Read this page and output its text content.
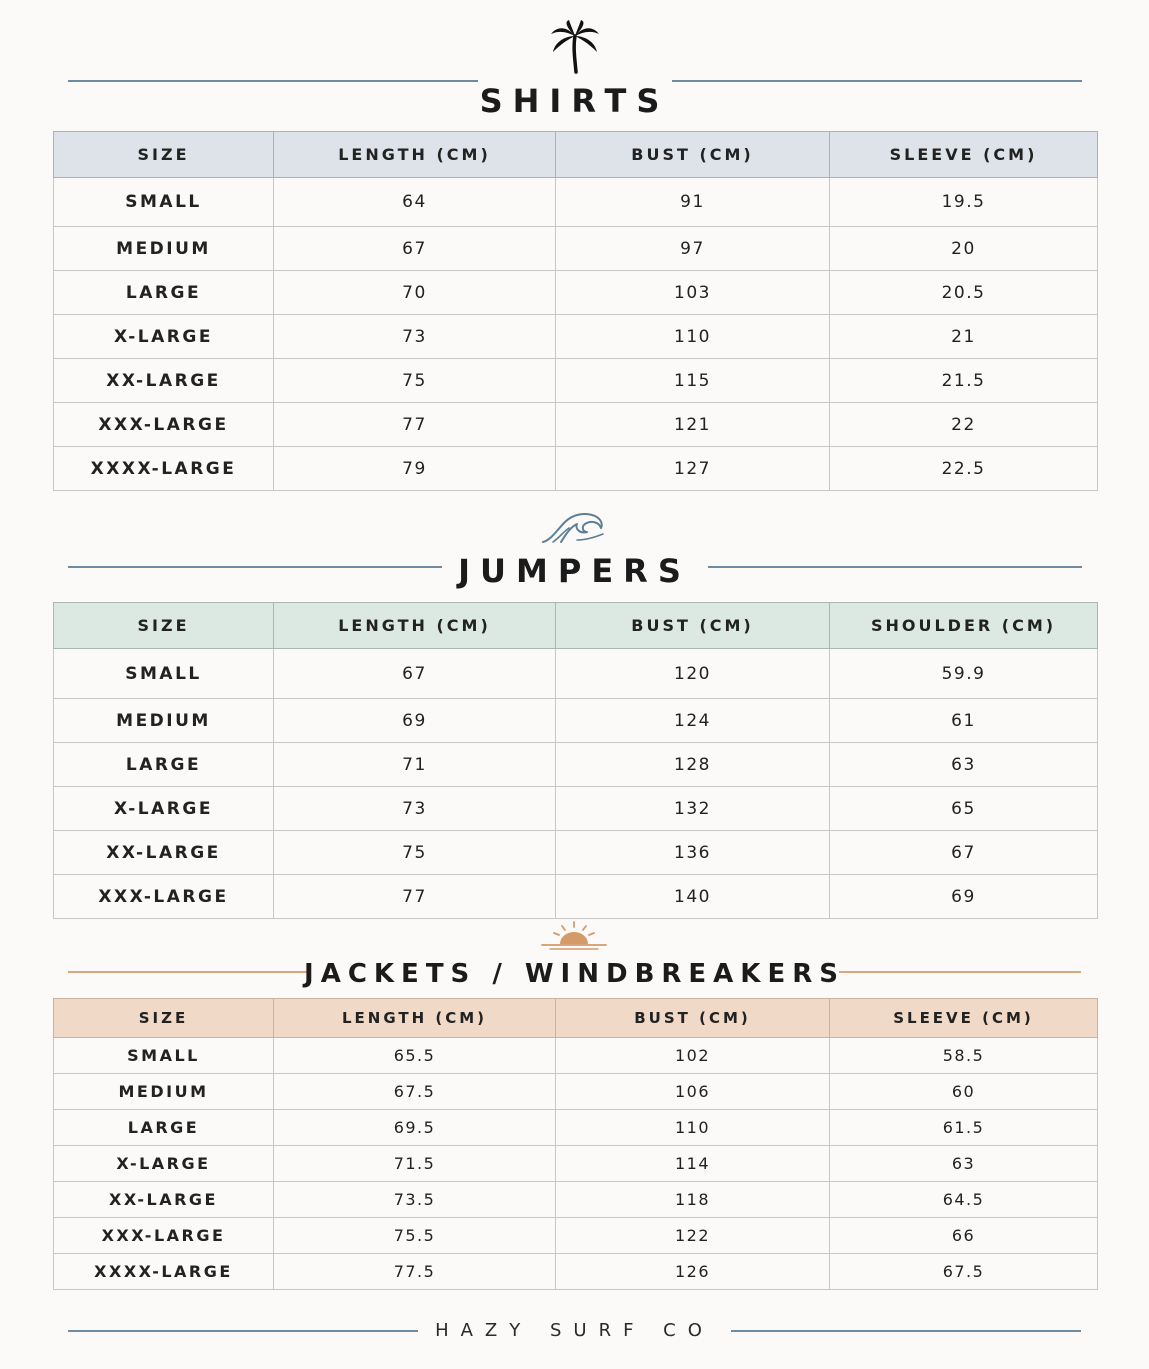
SHIRTS
SIZE	LENGTH (CM)	BUST (CM)	SLEEVE (CM)
SMALL	64	91	19.5
MEDIUM	67	97	20
LARGE	70	103	20.5
X-LARGE	73	110	21
XX-LARGE	75	115	21.5
XXX-LARGE	77	121	22
XXXX-LARGE	79	127	22.5
JUMPERS
SIZE	LENGTH (CM)	BUST (CM)	SHOULDER (CM)
SMALL	67	120	59.9
MEDIUM	69	124	61
LARGE	71	128	63
X-LARGE	73	132	65
XX-LARGE	75	136	67
XXX-LARGE	77	140	69
JACKETS / WINDBREAKERS
SIZE	LENGTH (CM)	BUST (CM)	SLEEVE (CM)
SMALL	65.5	102	58.5
MEDIUM	67.5	106	60
LARGE	69.5	110	61.5
X-LARGE	71.5	114	63
XX-LARGE	73.5	118	64.5
XXX-LARGE	75.5	122	66
XXXX-LARGE	77.5	126	67.5

HAZY SURF CO
